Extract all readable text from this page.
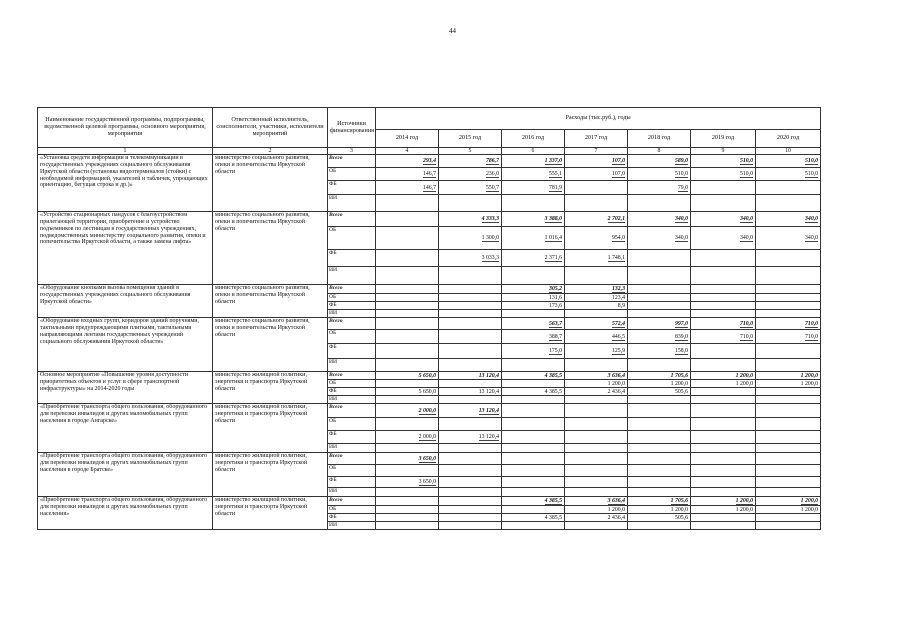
44
Наименование государственной программы, подпрограммы, ведомственной целевой программы, основного мероприятия, мероприятия	Ответственный исполнитель, соисполнители, участники, исполнители мероприятий	Источники финансирования	Расходы (тыс.руб.), годы						
			2014 год	2015 год	2016 год	2017 год	2018 год	2019 год	2020 год
1	2	3	4	5	6	7	8	9	10
«Установка средств информации и телекоммуникации в государственных учреждениях социального обслуживания Иркутской области (установка видеотерминалов (стойки) с необходимой информацией, указателей и табличек, упрощающих ориентацию, бегущая строка и др.)»	министерство социального развития, опеки и попечительства Иркутской области	Всего	293,4	786,7	1 337,0	107,0	589,0	510,0	510,0
		ОБ	146,7	236,0	555,1	107,0	510,0	510,0	510,0
		ФБ	146,7	550,7	781,9		79,0		
		ИИ							
«Устройство стационарных пандусов с благоустройством прилегающей территории, приобретение и устройство подъемников по лестницам в государственных учреждениях, подведомственных министерству социального развития, опеки и попечительства Иркутской области, а также замена лифта»	министерство социального развития, опеки и попечительства Иркутской области	Всего		4 333,3	3 388,0	2 702,1	340,0	340,0	340,0
		ОБ		1 300,0	1 016,4	954,0	340,0	340,0	340,0
		ФБ		3 033,3	2 371,6	1 748,1			
		ИИ							
«Оборудование кнопками вызова помещения зданий в государственных учреждениях социального обслуживания Иркутской области»	министерство социального развития, опеки и попечительства Иркутской области	Всего			305,2	132,3			
		ОБ			131,6	123,4			
		ФБ			173,6	8,9			
		ИИ							
«Оборудование входных групп, коридоров зданий поручнями, тактильными предупреждающими плитками, тактильными направляющими лентами государственных учреждений социального обслуживания Иркутской области»	министерство социального развития, опеки и попечительства Иркутской области	Всего			563,7	572,4	997,0	710,0	710,0
		ОБ			388,7	446,5	839,0	710,0	710,0
		ФБ			175,0	125,9	158,0		
		ИИ							
Основное мероприятие «Повышение уровня доступности приоритетных объектов и услуг в сфере транспортной инфраструктуры» на 2014-2020 годы	министерство жилищной политики, энергетики и транспорта Иркутской области	Всего	5 650,0	13 120,4	4 385,5	3 636,4	1 705,6	1 200,0	1 200,0
		ОБ				1 200,0	1 200,0	1 200,0	1 200,0
		ФБ	5 650,0	13 120,4	4 385,5	2 436,4	505,6		
		ИИ							
«Приобретение транспорта общего пользования, оборудованного для перевозки инвалидов и других маломобильных групп населения в городе Ангарске»	министерство жилищной политики, энергетики и транспорта Иркутской области	Всего	2 000,0	13 120,4					
		ОБ							
		ФБ	2 000,0	13 120,4					
		ИИ							
«Приобретение транспорта общего пользования, оборудованного для перевозки инвалидов и других маломобильных групп населения в городе Братске»	министерство жилищной политики, энергетики и транспорта Иркутской области	Всего	3 650,0						
		ОБ							
		ФБ	3 650,0						
		ИИ							
«Приобретение транспорта общего пользования, оборудованного для перевозки инвалидов и других маломобильных групп населения»	министерство жилищной политики, энергетики и транспорта Иркутской области	Всего			4 385,5	3 636,4	1 705,6	1 200,0	1 200,0
		ОБ				1 200,0	1 200,0	1 200,0	1 200,0
		ФБ			4 385,5	2 436,4	505,6		
		ИИ							
